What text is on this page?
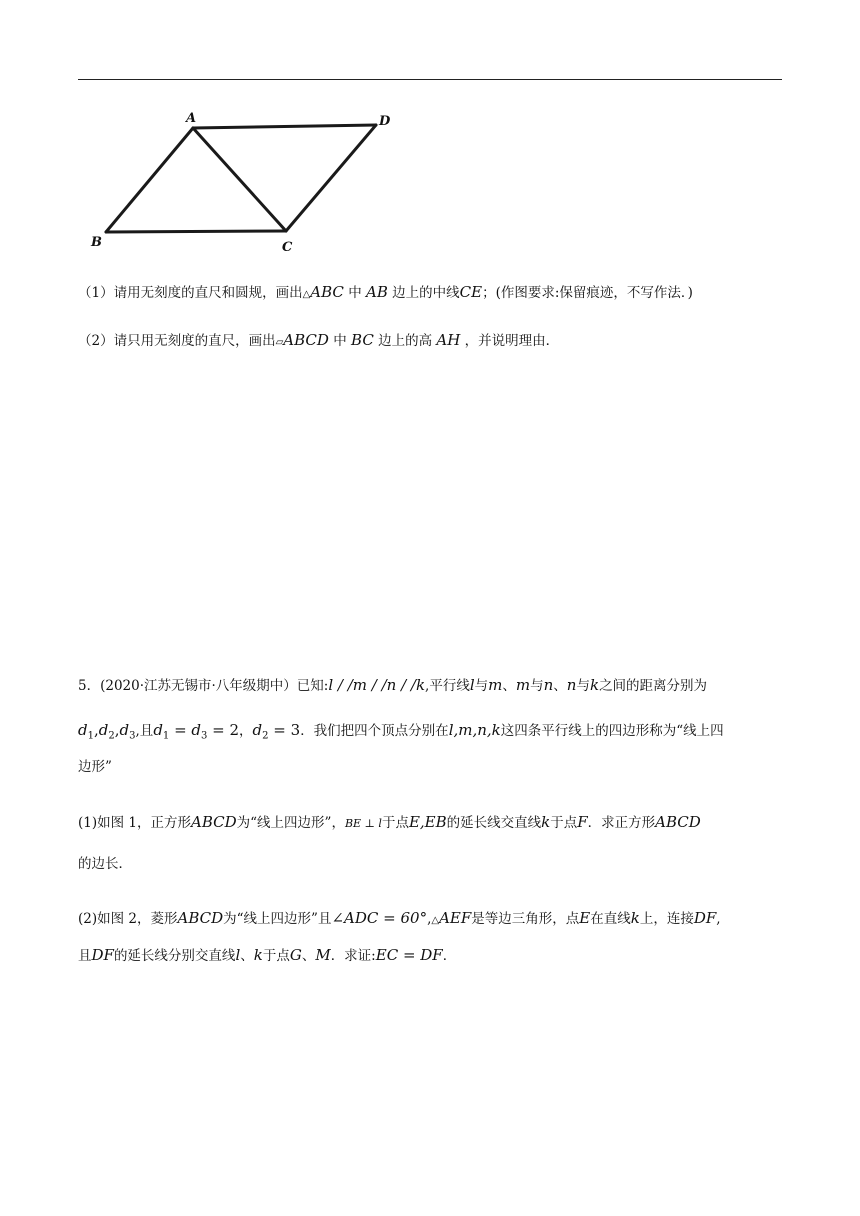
A	D
B	C
（1）请用无刻度的直尺和圆规，画出△ABC 中 AB 边上的中线CE；(作图要求:保留痕迹，不写作法．)
（2）请只用无刻度的直尺，画出▱ABCD 中 BC 边上的高 AH ，并说明理由．
5．(2020·江苏无锡市·八年级期中）已知:l / /m / /n / /k,平行线l与m、m与n、n与k之间的距离分别为
$d_1,d_2,d_3$,且$d_1 = d_3 = 2$，$d_2 = 3$．我们把四个顶点分别在l,m,n,k这四条平行线上的四边形称为“线上四
边形”
(1)如图 1，正方形ABCD为“线上四边形”，BE ⊥ l于点E,EB的延长线交直线k于点F．求正方形ABCD
的边长．
(2)如图 2，菱形ABCD为“线上四边形”且∠ADC = 60°,△AEF是等边三角形，点E在直线k上，连接DF,
且DF的延长线分别交直线l、k于点G、M．求证:EC = DF．
